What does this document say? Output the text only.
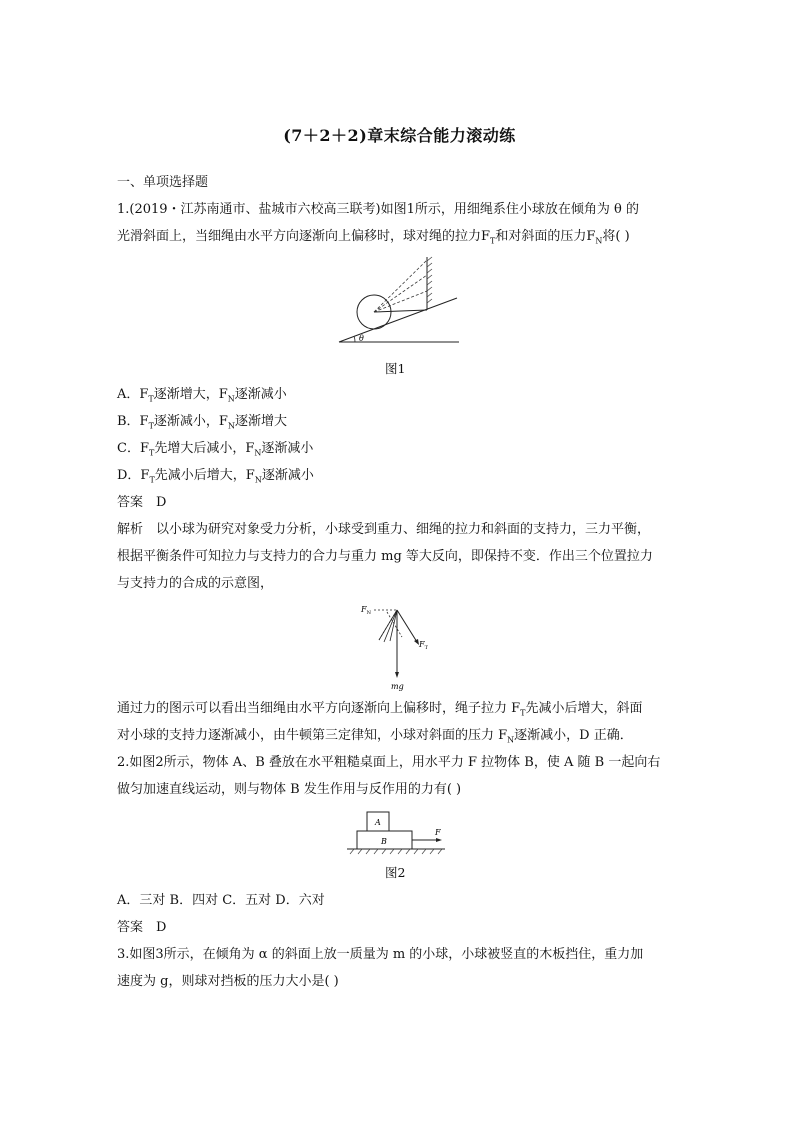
(7＋2＋2)章末综合能力滚动练
一、单项选择题
1.(2019・江苏南通市、盐城市六校高三联考)如图1所示，用细绳系住小球放在倾角为 θ 的
光滑斜面上，当细绳由水平方向逐渐向上偏移时，球对绳的拉力$F_T$和对斜面的压力$F_N$将( )
θ
图1
A．$F_T$逐渐增大，$F_N$逐渐减小
B．$F_T$逐渐减小，$F_N$逐渐增大
C．$F_T$先增大后减小，$F_N$逐渐减小
D．$F_T$先减小后增大，$F_N$逐渐减小
答案　D
解析　以小球为研究对象受力分析，小球受到重力、细绳的拉力和斜面的支持力，三力平衡，
根据平衡条件可知拉力与支持力的合力与重力 mg 等大反向，即保持不变．作出三个位置拉力
与支持力的合成的示意图，
$F_N$
$F_T$
mg
通过力的图示可以看出当细绳由水平方向逐渐向上偏移时，绳子拉力 $F_T$先减小后增大，斜面
对小球的支持力逐渐减小，由牛顿第三定律知，小球对斜面的压力 $F_N$逐渐减小，D 正确．
2.如图2所示，物体 A、B 叠放在水平粗糙桌面上，用水平力 F 拉物体 B，使 A 随 B 一起向右
做匀加速直线运动，则与物体 B 发生作用与反作用的力有( )
A
B
F
图2
A．三对 B．四对 C．五对 D．六对
答案　D
3.如图3所示，在倾角为 α 的斜面上放一质量为 m 的小球，小球被竖直的木板挡住，重力加
速度为 g，则球对挡板的压力大小是( )
